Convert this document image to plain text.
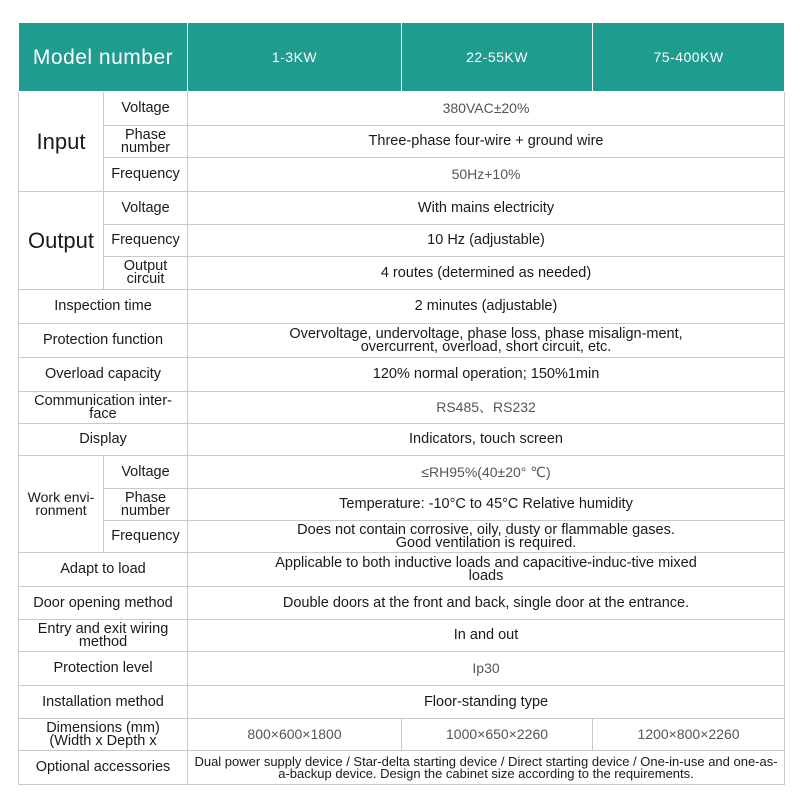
Model number		1-3KW	22-55KW	75-400KW
Input	Voltage	380VAC±20%		
	Phase number	Three-phase four-wire + ground wire		
	Frequency	50Hz+10%		
Output	Voltage	With mains electricity		
	Frequency	10 Hz (adjustable)		
	Output circuit	4 routes (determined as needed)		
Inspection time		2 minutes (adjustable)		
Protection function		Overvoltage, undervoltage, phase loss, phase misalign-ment, overcurrent, overload, short circuit, etc.		
Overload capacity		120% normal operation; 150%1min		
Communication inter-face		RS485、RS232		
Display		Indicators, touch screen		
Work envi-ronment	Voltage	≤RH95%(40±20° ℃)		
	Phase number	Temperature: -10°C to 45°C Relative humidity		
	Frequency	Does not contain corrosive, oily, dusty or flammable gases. Good ventilation is required.		
Adapt to load		Applicable to both inductive loads and capacitive-induc-tive mixed loads		
Door opening method		Double doors at the front and back, single door at the entrance.		
Entry and exit wiring method		In and out		
Protection level		Ip30		
Installation method		Floor-standing type		
Dimensions (mm) (Width x Depth x		800×600×1800	1000×650×2260	1200×800×2260
Optional accessories		Dual power supply device / Star-delta starting device / Direct starting device / One-in-use and one-as-a-backup device. Design the cabinet size according to the requirements.		
